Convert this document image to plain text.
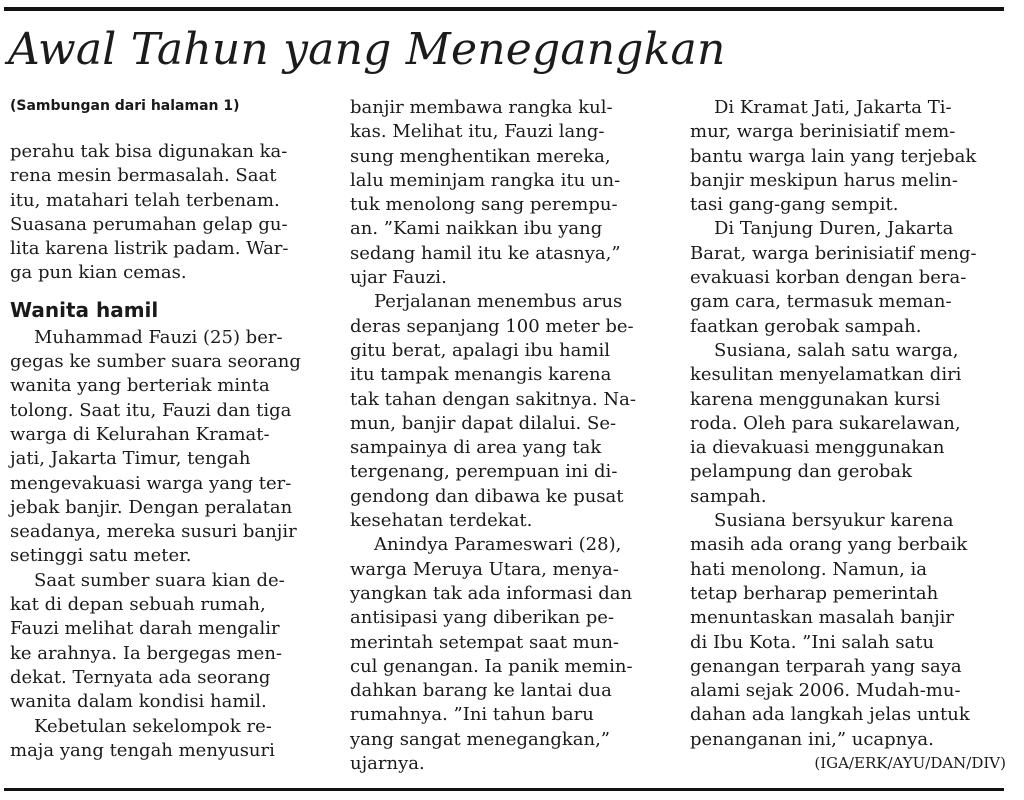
Awal Tahun yang Menegangkan
(Sambungan dari halaman 1)

perahu tak bisa digunakan ka-
rena mesin bermasalah. Saat
itu, matahari telah terbenam.
Suasana perumahan gelap gu-
lita karena listrik padam. War-
ga pun kian cemas.

Wanita hamil

Muhammad Fauzi (25) ber-
gegas ke sumber suara seorang
wanita yang berteriak minta
tolong. Saat itu, Fauzi dan tiga
warga di Kelurahan Kramat-
jati, Jakarta Timur, tengah
mengevakuasi warga yang ter-
jebak banjir. Dengan peralatan
seadanya, mereka susuri banjir
setinggi satu meter.

Saat sumber suara kian de-
kat di depan sebuah rumah,
Fauzi melihat darah mengalir
ke arahnya. Ia bergegas men-
dekat. Ternyata ada seorang
wanita dalam kondisi hamil.

Kebetulan sekelompok re-
maja yang tengah menyusuri

banjir membawa rangka kul-
kas. Melihat itu, Fauzi lang-
sung menghentikan mereka,
lalu meminjam rangka itu un-
tuk menolong sang perempu-
an. ”Kami naikkan ibu yang
sedang hamil itu ke atasnya,”
ujar Fauzi.

Perjalanan menembus arus
deras sepanjang 100 meter be-
gitu berat, apalagi ibu hamil
itu tampak menangis karena
tak tahan dengan sakitnya. Na-
mun, banjir dapat dilalui. Se-
sampainya di area yang tak
tergenang, perempuan ini di-
gendong dan dibawa ke pusat
kesehatan terdekat.

Anindya Parameswari (28),
warga Meruya Utara, menya-
yangkan tak ada informasi dan
antisipasi yang diberikan pe-
merintah setempat saat mun-
cul genangan. Ia panik memin-
dahkan barang ke lantai dua
rumahnya. ”Ini tahun baru
yang sangat menegangkan,”
ujarnya.

Di Kramat Jati, Jakarta Ti-
mur, warga berinisiatif mem-
bantu warga lain yang terjebak
banjir meskipun harus melin-
tasi gang-gang sempit.

Di Tanjung Duren, Jakarta
Barat, warga berinisiatif meng-
evakuasi korban dengan bera-
gam cara, termasuk meman-
faatkan gerobak sampah.

Susiana, salah satu warga,
kesulitan menyelamatkan diri
karena menggunakan kursi
roda. Oleh para sukarelawan,
ia dievakuasi menggunakan
pelampung dan gerobak
sampah.

Susiana bersyukur karena
masih ada orang yang berbaik
hati menolong. Namun, ia
tetap berharap pemerintah
menuntaskan masalah banjir
di Ibu Kota. ”Ini salah satu
genangan terparah yang saya
alami sejak 2006. Mudah-mu-
dahan ada langkah jelas untuk
penanganan ini,” ucapnya.

(IGA/ERK/AYU/DAN/DIV)
